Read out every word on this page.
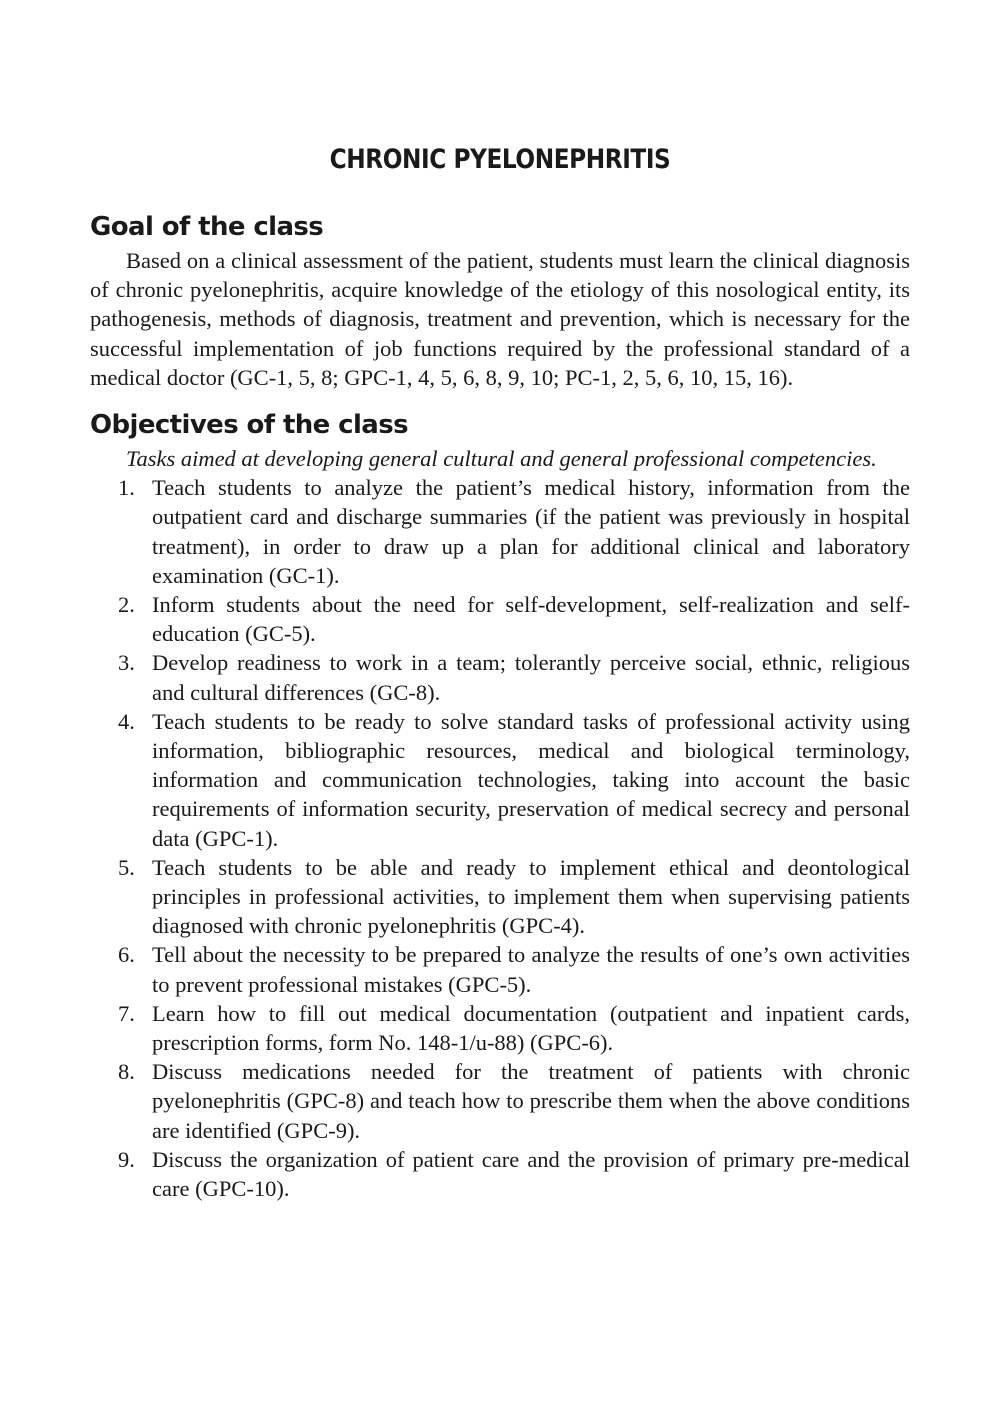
CHRONIC PYELONEPHRITIS
Goal of the class

Based on a clinical assessment of the patient, students must learn the clinical diagnosis of chronic pyelonephritis, acquire knowledge of the etiology of this nosological entity, its pathogenesis, methods of diagnosis, treatment and prevention, which is necessary for the successful implementation of job functions required by the professional standard of a medical doctor (GC-1, 5, 8; GPC-1, 4, 5, 6, 8, 9, 10; PC-1, 2, 5, 6, 10, 15, 16).

Objectives of the class

Tasks aimed at developing general cultural and general professional competencies.

1. Teach students to analyze the patient’s medical history, information from the outpatient card and discharge summaries (if the patient was previously in hospital treatment), in order to draw up a plan for additional clinical and laboratory examination (GC-1).
2. Inform students about the need for self-development, self-realization and self-education (GC-5).
3. Develop readiness to work in a team; tolerantly perceive social, ethnic, religious and cultural differences (GC-8).
4. Teach students to be ready to solve standard tasks of professional activity using information, bibliographic resources, medical and biological terminology, information and communication technologies, taking into account the basic requirements of information security, preservation of medical secrecy and personal data (GPC-1).
5. Teach students to be able and ready to implement ethical and deontological principles in professional activities, to implement them when supervising patients diagnosed with chronic pyelonephritis (GPC-4).
6. Tell about the necessity to be prepared to analyze the results of one’s own activities to prevent professional mistakes (GPC-5).
7. Learn how to fill out medical documentation (outpatient and inpatient cards, prescription forms, form No. 148-1/u-88) (GPC-6).
8. Discuss medications needed for the treatment of patients with chronic pyelonephritis (GPC-8) and teach how to prescribe them when the above conditions are identified (GPC-9).
9. Discuss the organization of patient care and the provision of primary pre-medical care (GPC-10).
